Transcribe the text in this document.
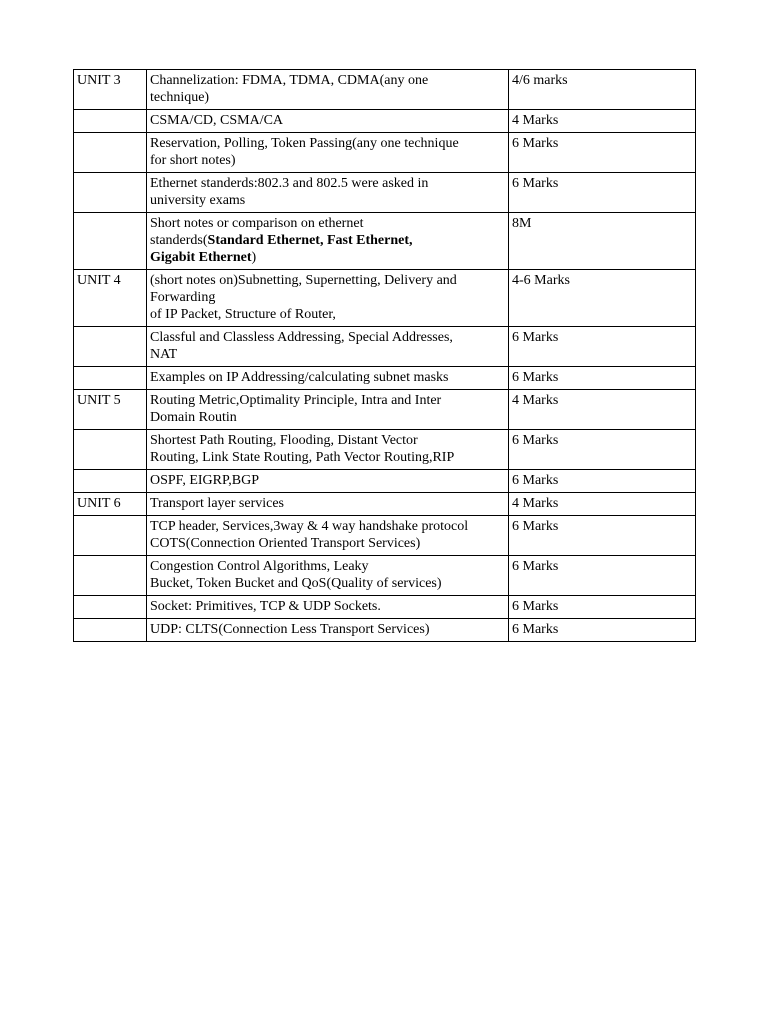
UNIT 3	Channelization: FDMA, TDMA, CDMA(any one
technique)	4/6 marks

	CSMA/CD, CSMA/CA	4 Marks

	Reservation, Polling, Token Passing(any one technique
for short notes)	6 Marks

	Ethernet standerds:802.3 and 802.5 were asked in
university exams	6 Marks

	Short notes or comparison on ethernet
standerds(Standard Ethernet, Fast Ethernet,
Gigabit Ethernet)	8M
UNIT 4	(short notes on)Subnetting, Supernetting, Delivery and
Forwarding
of IP Packet, Structure of Router,	4-6 Marks

	Classful and Classless Addressing, Special Addresses,
NAT	6 Marks

	Examples on IP Addressing/calculating subnet masks	6 Marks
UNIT 5	Routing Metric,Optimality Principle, Intra and Inter
Domain Routin	4 Marks

	Shortest Path Routing, Flooding, Distant Vector
Routing, Link State Routing, Path Vector Routing,RIP	6 Marks

	OSPF, EIGRP,BGP	6 Marks
UNIT 6	Transport layer services	4 Marks

	TCP header, Services,3way & 4 way handshake protocol
COTS(Connection Oriented Transport Services)	6 Marks

	Congestion Control Algorithms, Leaky
Bucket, Token Bucket and QoS(Quality of services)	6 Marks

	Socket: Primitives, TCP & UDP Sockets.	6 Marks

	UDP: CLTS(Connection Less Transport Services)	6 Marks
